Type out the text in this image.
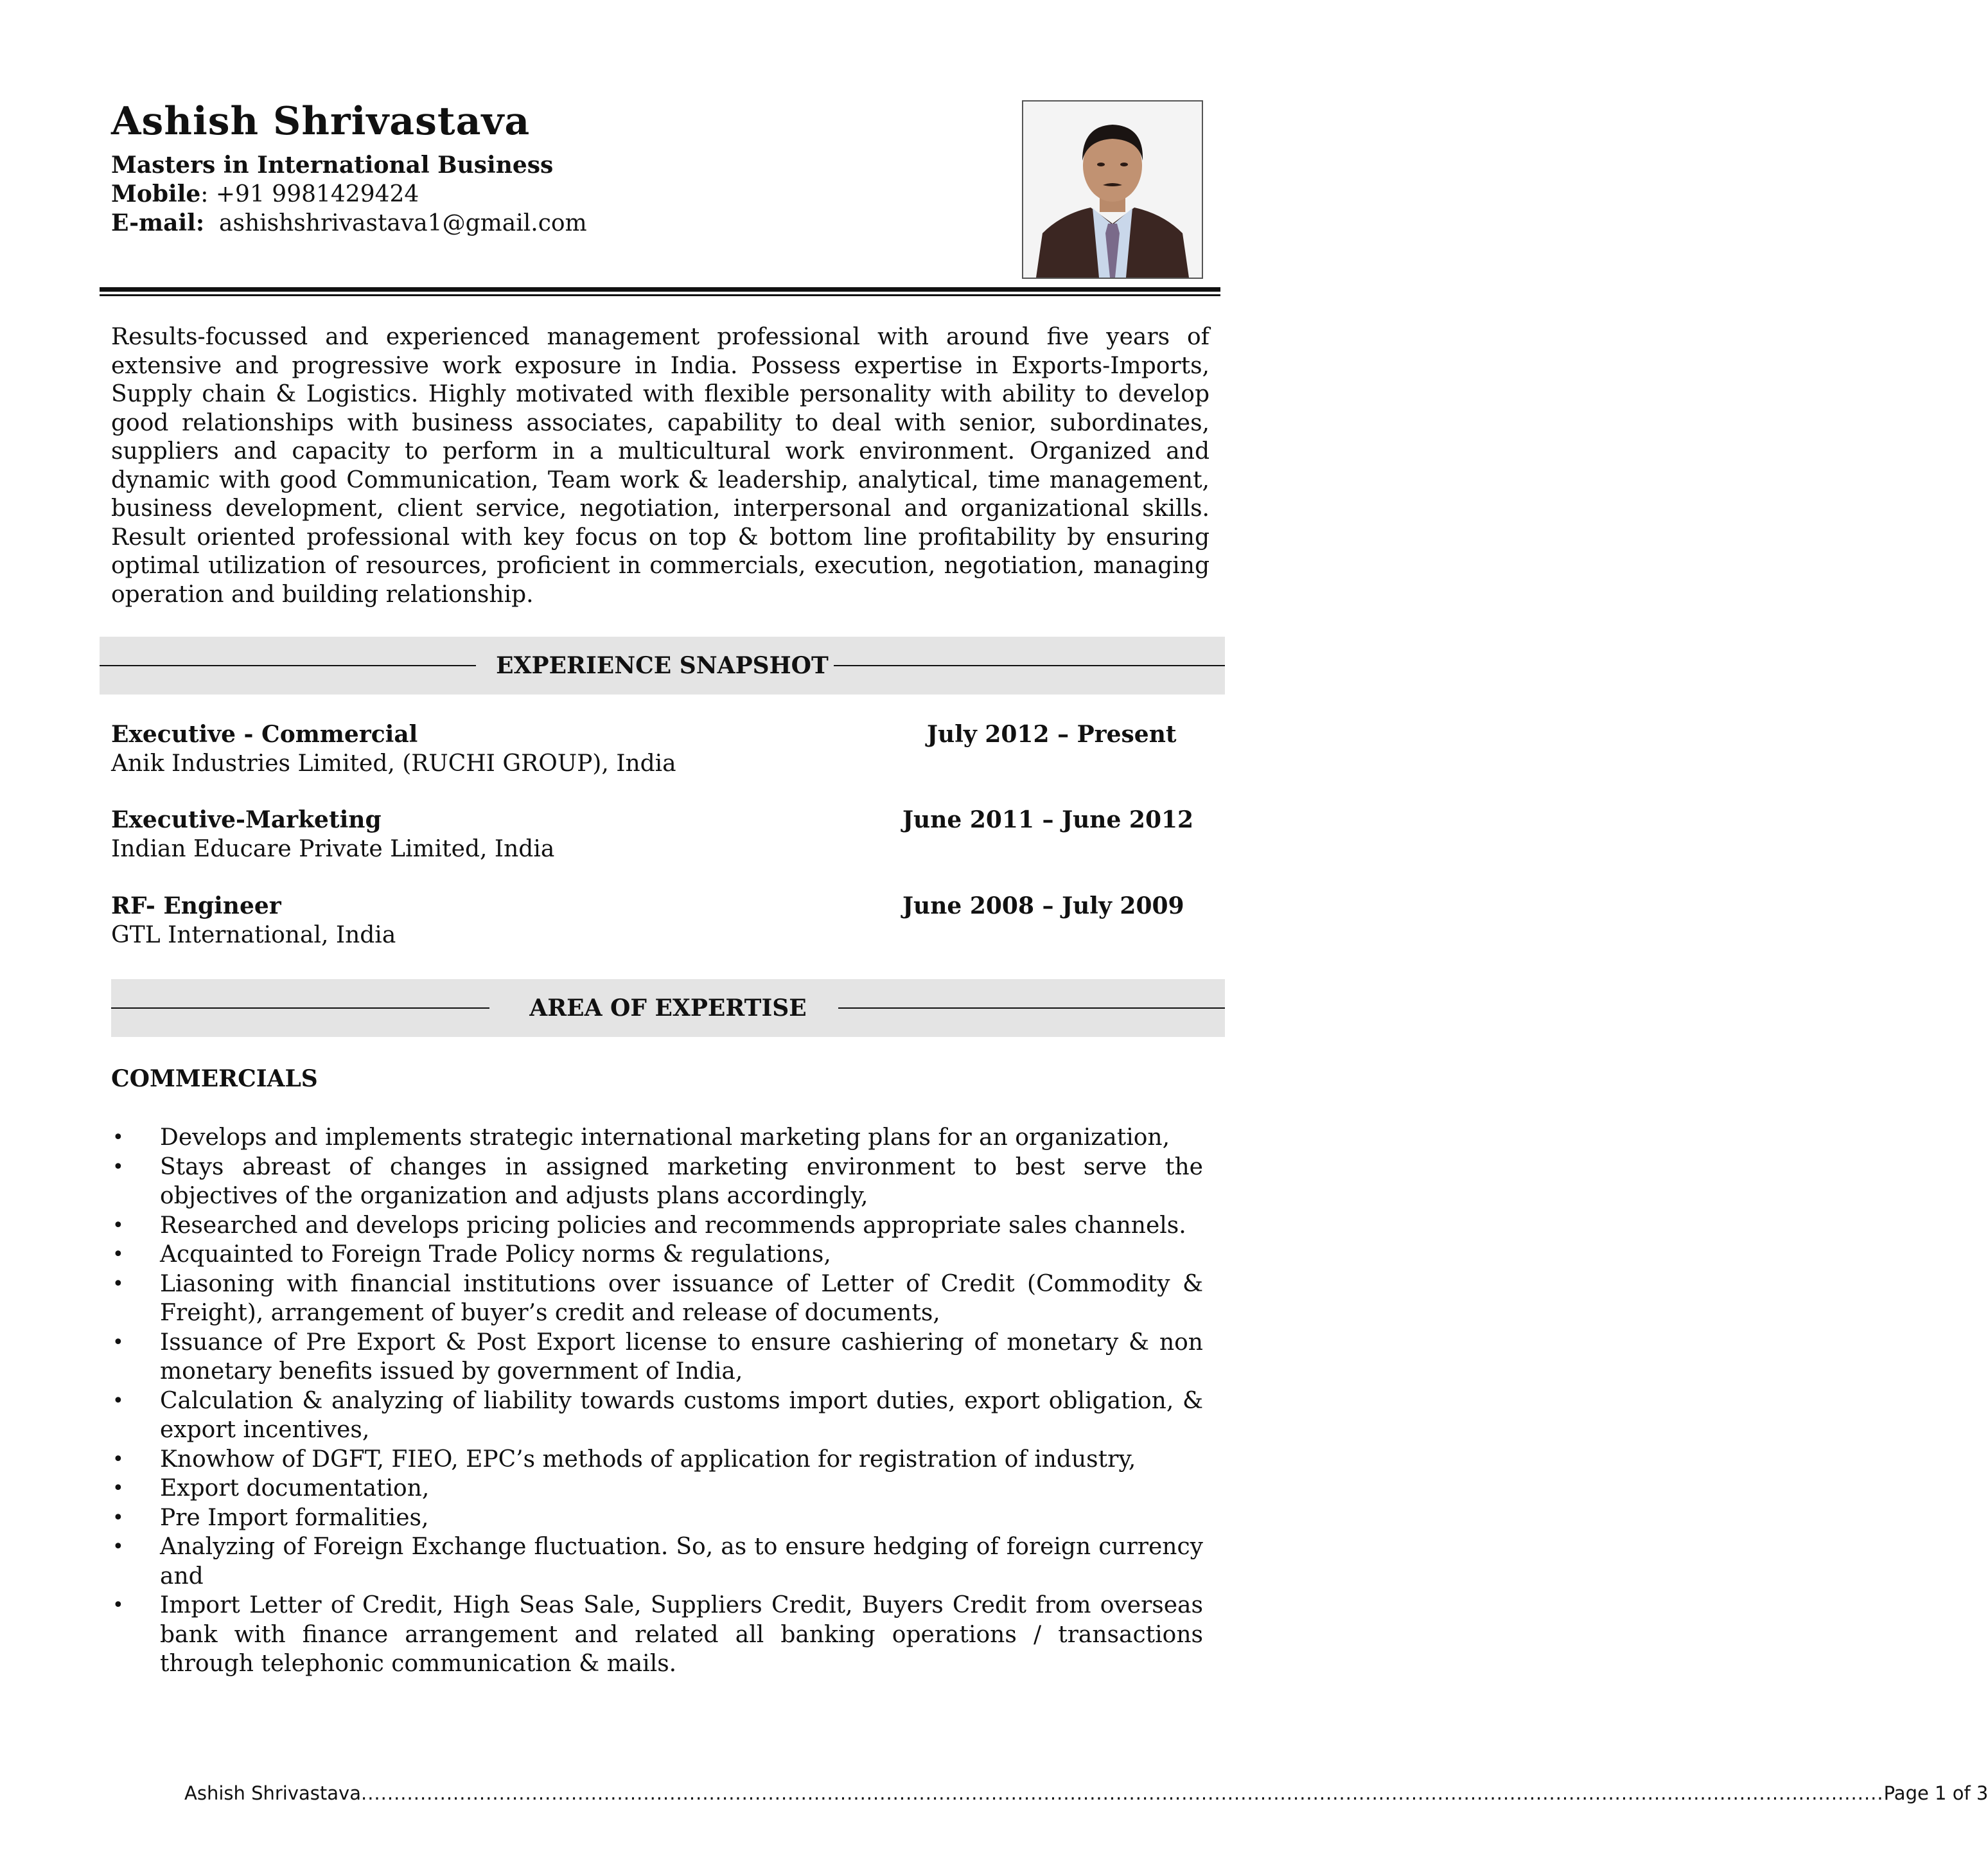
Ashish Shrivastava
Masters in International Business
Mobile: +91 9981429424
E-mail: ashishshrivastava1@gmail.com

Results-focussed and experienced management professional with around five years of extensive and progressive work exposure in India. Possess expertise in Exports-Imports, Supply chain & Logistics. Highly motivated with flexible personality with ability to develop good relationships with business associates, capability to deal with senior, subordinates, suppliers and capacity to perform in a multicultural work environment. Organized and dynamic with good Communication, Team work & leadership, analytical, time management, business development, client service, negotiation, interpersonal and organizational skills. Result oriented professional with key focus on top & bottom line profitability by ensuring optimal utilization of resources, proficient in commercials, execution, negotiation, managing operation and building relationship.

EXPERIENCE SNAPSHOT
Executive - Commercial	July 2012 – Present
Anik Industries Limited, (RUCHI GROUP), India
Executive-Marketing	June 2011 – June 2012
Indian Educare Private Limited, India
RF- Engineer	June 2008 – July 2009
GTL International, India
AREA OF EXPERTISE
COMMERCIALS
• Develops and implements strategic international marketing plans for an organization,
• Stays abreast of changes in assigned marketing environment to best serve the objectives of the organization and adjusts plans accordingly,
• Researched and develops pricing policies and recommends appropriate sales channels.
• Acquainted to Foreign Trade Policy norms & regulations,
• Liasoning with financial institutions over issuance of Letter of Credit (Commodity & Freight), arrangement of buyer’s credit and release of documents,
• Issuance of Pre Export & Post Export license to ensure cashiering of monetary & non monetary benefits issued by government of India,
• Calculation & analyzing of liability towards customs import duties, export obligation, & export incentives,
• Knowhow of DGFT, FIEO, EPC’s methods of application for registration of industry,
• Export documentation,
• Pre Import formalities,
• Analyzing of Foreign Exchange fluctuation. So, as to ensure hedging of foreign currency and
• Import Letter of Credit, High Seas Sale, Suppliers Credit, Buyers Credit from overseas bank with finance arrangement and related all banking operations / transactions through telephonic communication & mails.
Ashish Shrivastava ........................................................................................................................................................................................................................................ Page 1 of 3
